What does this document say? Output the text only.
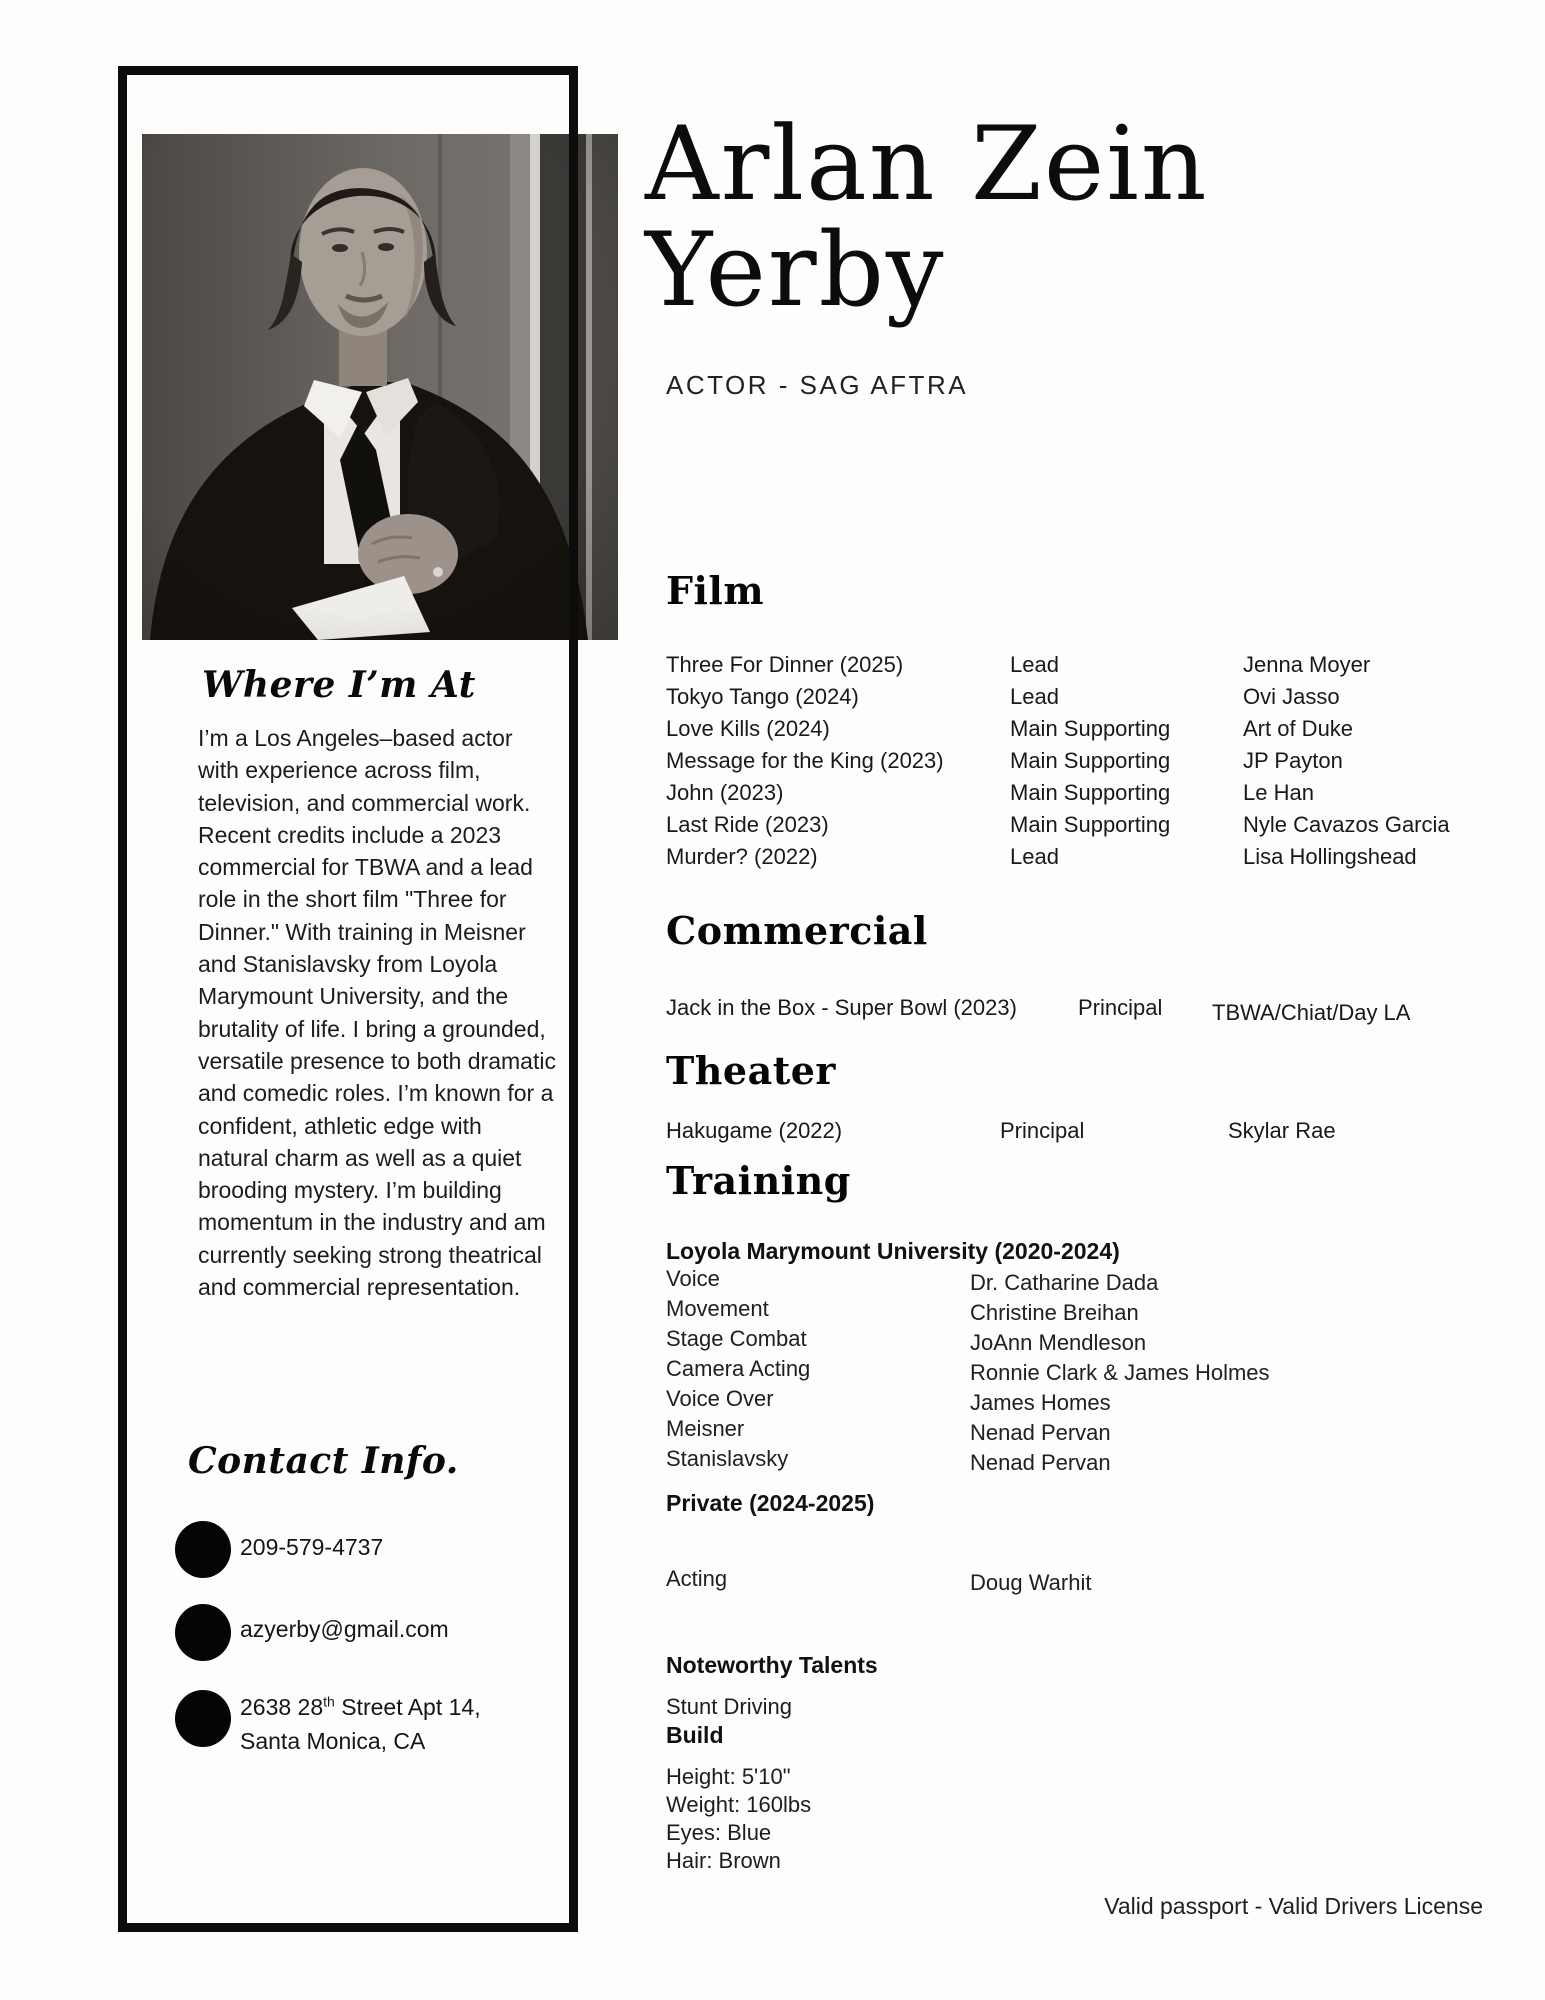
Arlan Zein
Yerby
ACTOR - SAG AFTRA
Where I’m At
I’m a Los Angeles–based actor with experience across film, television, and commercial work. Recent credits include a 2023 commercial for TBWA and a lead role in the short film "Three for Dinner." With training in Meisner and Stanislavsky from Loyola Marymount University, and the brutality of life. I bring a grounded, versatile presence to both dramatic and comedic roles. I’m known for a confident, athletic edge with natural charm as well as a quiet brooding mystery. I’m building momentum in the industry and am currently seeking strong theatrical and commercial representation.
Contact Info.
209-579-4737
azyerby@gmail.com
2638 28th Street Apt 14,
Santa Monica, CA
Film
Three For Dinner (2025)	Lead	Jenna Moyer
Tokyo Tango (2024)	Lead	Ovi Jasso
Love Kills (2024)	Main Supporting	Art of Duke
Message for the King (2023)	Main Supporting	JP Payton
John (2023)	Main Supporting	Le Han
Last Ride (2023)	Main Supporting	Nyle Cavazos Garcia
Murder? (2022)	Lead	Lisa Hollingshead
Commercial
Jack in the Box - Super Bowl (2023)	Principal TBWA/Chiat/Day LA
Theater
Hakugame (2022)	Principal	Skylar Rae
Training
Loyola Marymount University (2020-2024)
Voice	Dr. Catharine Dada
Movement	Christine Breihan
Stage Combat	JoAnn Mendleson
Camera Acting	Ronnie Clark & James Holmes
Voice Over	James Homes
Meisner	Nenad Pervan
Stanislavsky	Nenad Pervan
Private (2024-2025)
Acting	Doug Warhit
Noteworthy Talents
Stunt Driving
Build
Height: 5'10"
Weight: 160lbs
Eyes: Blue
Hair: Brown
Valid passport - Valid Drivers License
